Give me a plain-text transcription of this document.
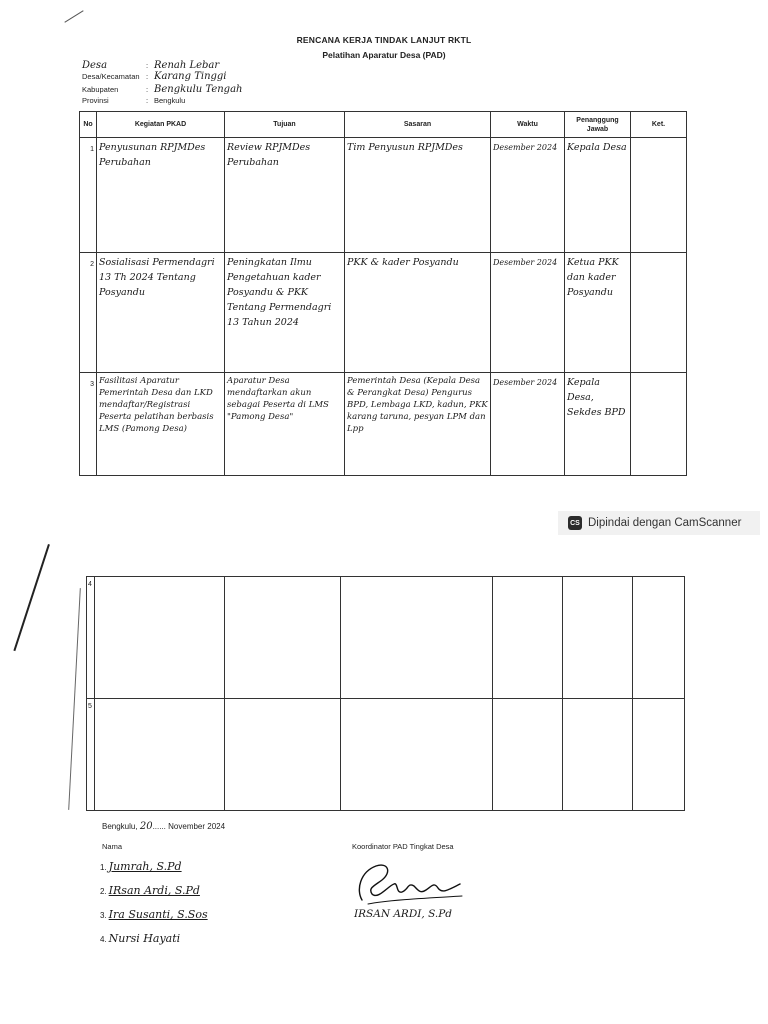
RENCANA KERJA TINDAK LANJUT RKTL
Pelatihan Aparatur Desa (PAD)
Desa	: Renah Lebar
Desa/Kecamatan : Karang Tinggi
Kabupaten	: Bengkulu Tengah
Provinsi	: Bengkulu
No	Kegiatan PKAD	Tujuan	Sasaran	Waktu	Penanggung Jawab	Ket.
1	Penyusunan RPJMDes Perubahan	Review RPJMDes Perubahan	Tim Penyusun RPJMDes	Desember 2024	Kepala Desa	
2	Sosialisasi Permendagri 13 Th 2024 Tentang Posyandu	Peningkatan Ilmu Pengetahuan kader Posyandu & PKK Tentang Permendagri 13 Tahun 2024	PKK & kader Posyandu	Desember 2024	Ketua PKK dan kader Posyandu	
3	Fasilitasi Aparatur Pemerintah Desa dan LKD mendaftar/Registrasi Peserta pelatihan berbasis LMS (Pamong Desa)	Aparatur Desa mendaftarkan akun sebagai Peserta di LMS "Pamong Desa"	Pemerintah Desa (Kepala Desa & Perangkat Desa) Pengurus BPD, Lembaga LKD, kadun, PKK karang taruna, pesyan LPM dan Lpp	Desember 2024	Kepala Desa, Sekdes BPD	
CS Dipindai dengan CamScanner
4						
5						
Bengkulu, 20...... November 2024
Nama	Koordinator PAD Tingkat Desa
1. Jumrah, S.Pd
2. IRsan Ardi, S.Pd
3. Ira Susanti, S.Sos
4. Nursi Hayati
IRSAN ARDI, S.Pd
